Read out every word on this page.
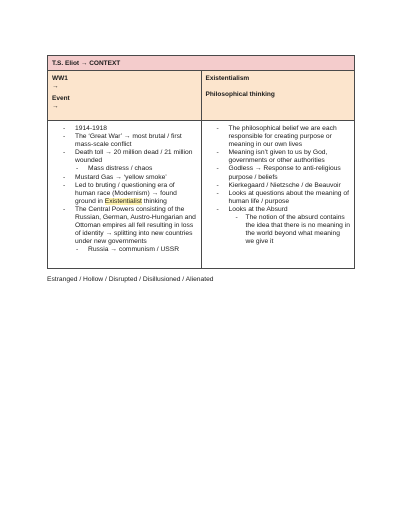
T.S. Eliot → CONTEXT
WW1
→
Event
→
Existentialism
Philosophical thinking
- 1914-1918
- The ‘Great War’ → most brutal / first mass-scale conflict
- Death toll → 20 million dead / 21 million wounded
- Mass distress / chaos
- Mustard Gas → ‘yellow smoke’
- Led to bruting / questioning era of human race (Modernism) → found ground in Existentialist thinking
- The Central Powers consisting of the Russian, German, Austro-Hungarian and Ottoman empires all fell resulting in loss of identity → splitting into new countries under new governments
- Russia → communism / USSR
- The philosophical belief we are each responsible for creating purpose or meaning in our own lives
- Meaning isn’t given to us by God, governments or other authorities
- Godless → Response to anti-religious purpose / beliefs
- Kierkegaard / Nietzsche / de Beauvoir
- Looks at questions about the meaning of human life / purpose
- Looks at the Absurd
- The notion of the absurd contains the idea that there is no meaning in the world beyond what meaning we give it
Estranged / Hollow / Disrupted / Disillusioned / Alienated
